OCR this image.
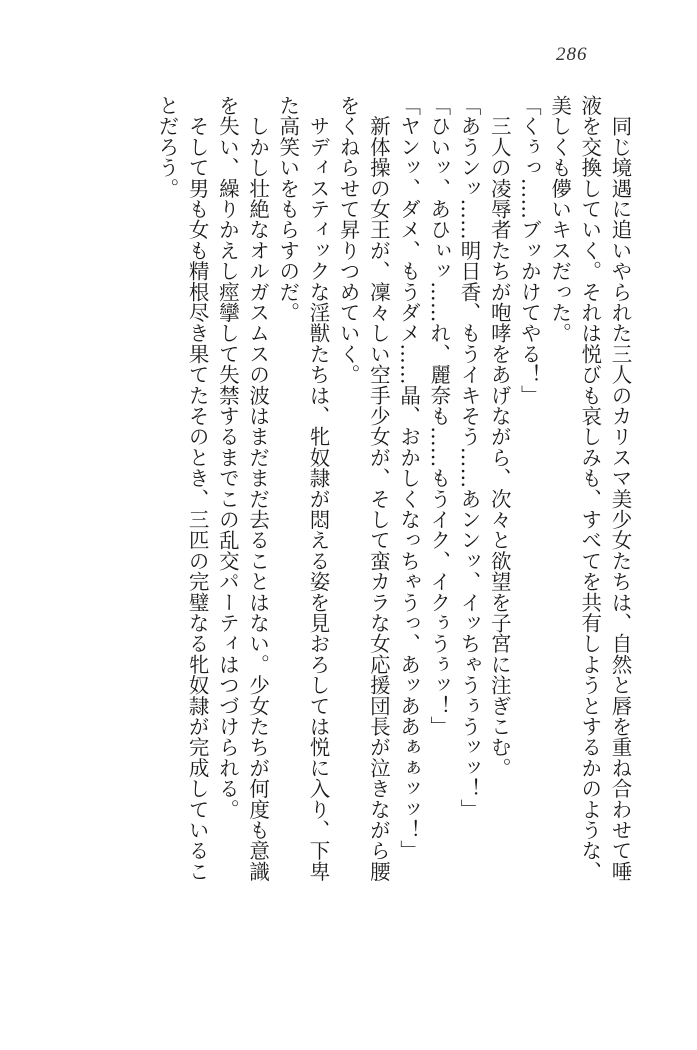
286
　同じ境遇に追いやられた三人のカリスマ美少女たちは、自然と唇を重ね合わせて唾
液を交換していく。それは悦びも哀しみも、すべてを共有しようとするかのような、
美しくも儚いキスだった。
「くぅっ……ブッかけてやる！」
　三人の凌辱者たちが咆哮をあげながら、次々と欲望を子宮に注ぎこむ。
「あうンッ……明日香、もうイキそう……あンンッ、イッちゃうぅうッッ！」
「ひいッ、あひぃッ……れ、麗奈も……もうイク、イクぅうぅッ！」
「ヤンッ、ダメ、もうダメ……晶、おかしくなっちゃうっ、あッああぁぁッッ！」
　新体操の女王が、凜々しい空手少女が、そして蛮カラな女応援団長が泣きながら腰
をくねらせて昇りつめていく。
　サディスティックな淫獣たちは、牝奴隷が悶える姿を見おろしては悦に入り、下卑
た高笑いをもらすのだ。
　しかし壮絶なオルガスムスの波はまだまだ去ることはない。少女たちが何度も意識
を失い、繰りかえし痙攣して失禁するまでこの乱交パーティはつづけられる。
　そして男も女も精根尽き果てたそのとき、三匹の完璧なる牝奴隷が完成しているこ
とだろう。
